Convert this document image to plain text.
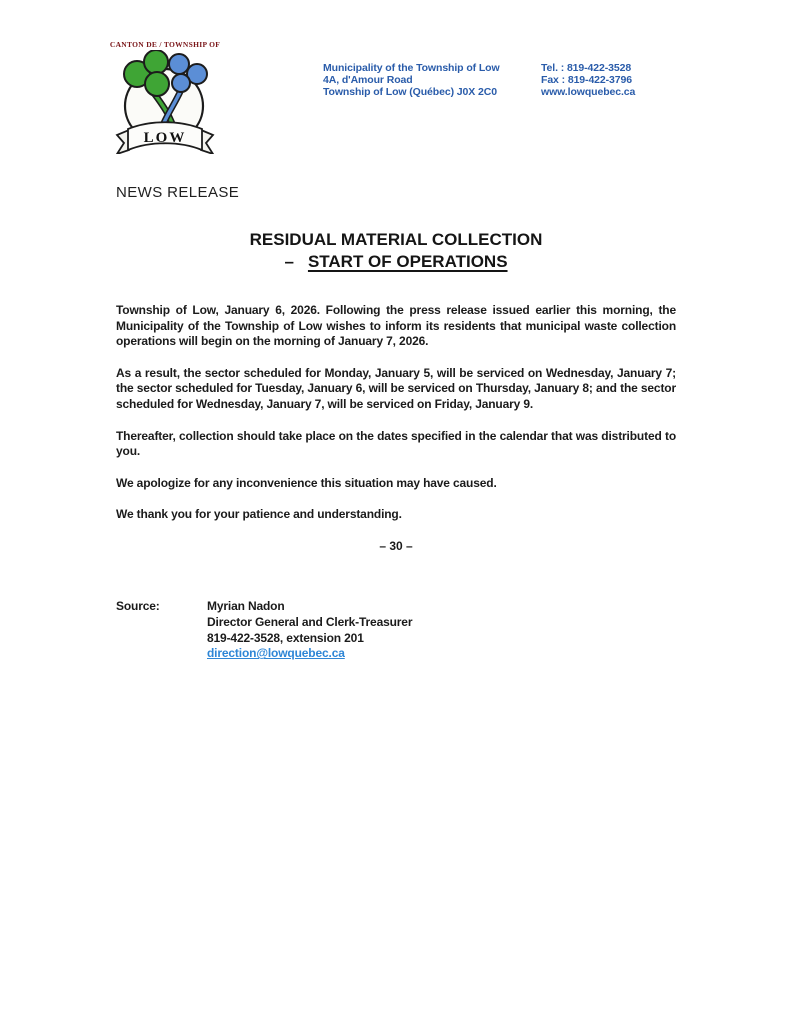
CANTON DE / TOWNSHIP OF
LOW
Municipality of the Township of Low
4A, d'Amour Road
Township of Low (Québec) J0X 2C0
Tel. : 819-422-3528
Fax : 819-422-3796
www.lowquebec.ca
NEWS RELEASE
RESIDUAL MATERIAL COLLECTION
– START OF OPERATIONS

Township of Low, January 6, 2026. Following the press release issued earlier this morning, the Municipality of the Township of Low wishes to inform its residents that municipal waste collection operations will begin on the morning of January 7, 2026.

As a result, the sector scheduled for Monday, January 5, will be serviced on Wednesday, January 7; the sector scheduled for Tuesday, January 6, will be serviced on Thursday, January 8; and the sector scheduled for Wednesday, January 7, will be serviced on Friday, January 9.

Thereafter, collection should take place on the dates specified in the calendar that was distributed to you.

We apologize for any inconvenience this situation may have caused.

We thank you for your patience and understanding.

– 30 –
Source:	Myrian Nadon
Director General and Clerk-Treasurer
819-422-3528, extension 201
direction@lowquebec.ca
